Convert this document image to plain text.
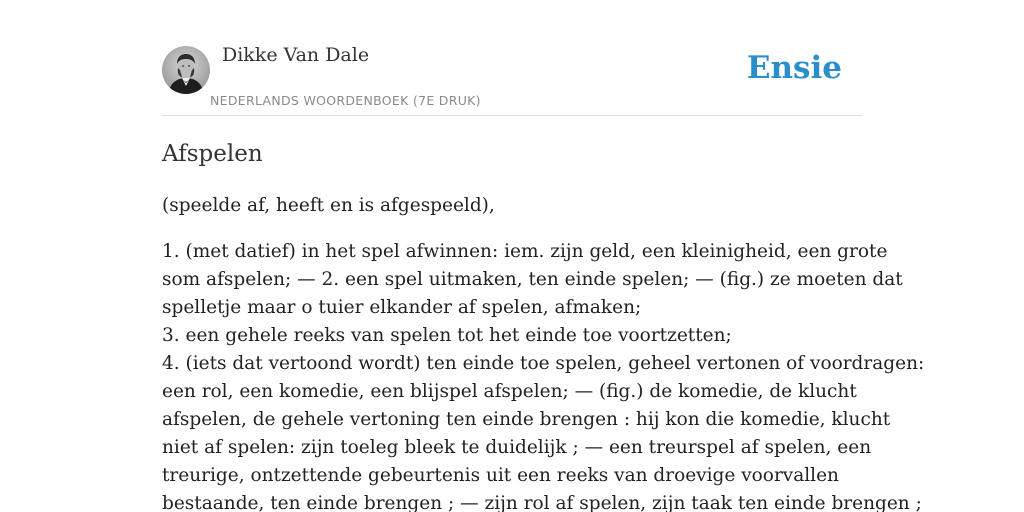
Dikke Van Dale
NEDERLANDS WOORDENBOEK (7E DRUK)
Ensie
Afspelen

(speelde af, heeft en is afgespeeld),

1. (met datief) in het spel afwinnen: iem. zijn geld, een kleinigheid, een grote
som afspelen; — 2. een spel uitmaken, ten einde spelen; — (fig.) ze moeten dat
spelletje maar o tuier elkander af spelen, afmaken;
3. een gehele reeks van spelen tot het einde toe voortzetten;
4. (iets dat vertoond wordt) ten einde toe spelen, geheel vertonen of voordragen:
een rol, een komedie, een blijspel afspelen; — (fig.) de komedie, de klucht
afspelen, de gehele vertoning ten einde brengen : hij kon die komedie, klucht
niet af spelen: zijn toeleg bleek te duidelijk ; — een treurspel af spelen, een
treurige, ontzettende gebeurtenis uit een reeks van droevige voorvallen
bestaande, ten einde brengen ; — zijn rol af spelen, zijn taak ten einde brengen ;
